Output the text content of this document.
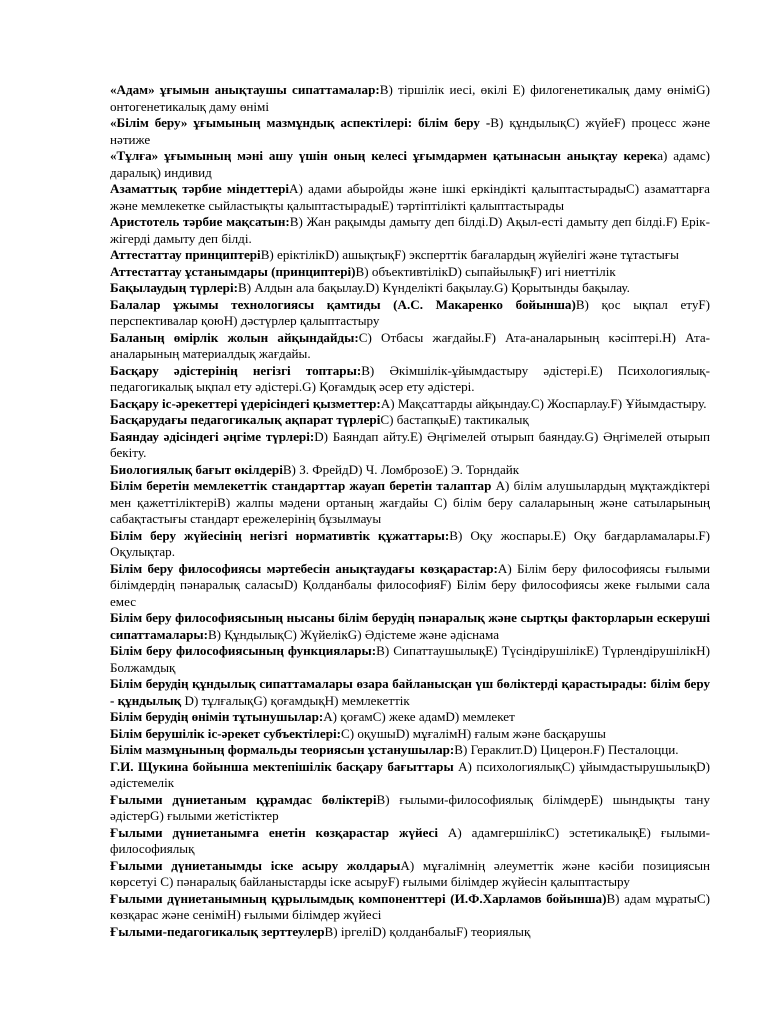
«Адам» ұғымын анықтаушы сипаттамалар:В) тіршілік иесі, өкілі Е) филогенетикалық даму өніміG) онтогенетикалық даму өнімі

«Білім беру» ұғымының мазмұндық аспектілері: білім беру -В) құндылықС) жүйеF) процесс және нәтиже

«Тұлға» ұғымының мәні ашу үшін оның келесі ұғымдармен қатынасын анықтау керека) адамс) даралық) индивид

Азаматтық тәрбие міндеттеріА) адами абыройды және ішкі еркіндікті қалыптастырадыС) азаматтарға және мемлекетке сыйластықты қалыптастырадыЕ) тәртіптілікті қалыптастырады

Аристотель тәрбие мақсатын:В) Жан рақымды дамыту деп білді.D) Ақыл-есті дамыту деп білді.F) Ерік-жігерді дамыту деп білді.

Аттестаттау принциптеріВ) еріктілікD) ашықтықF) эксперттік бағалардың жүйелігі және тұтастығы

Аттестаттау ұстанымдары (принциптері)В) объективтілікD) сыпайылықF) игі ниеттілік

Бақылаудың түрлері:В) Алдын ала бақылау.D) Күнделікті бақылау.G) Қорытынды бақылау.

Балалар ұжымы технологиясы қамтиды (А.С. Макаренко бойынша)В) қос ықпал етуF) перспективалар қоюН) дәстүрлер қалыптастыру

Баланың өмірлік жолын айқындайды:С) Отбасы жағдайы.F) Ата-аналарының кәсіптері.Н) Ата-аналарының материалдық жағдайы.

Басқару әдістерінің негізгі топтары:В) Әкімшілік-ұйымдастыру әдістері.Е) Психологиялық-педагогикалық ықпал ету әдістері.G) Қоғамдық әсер ету әдістері.

Басқару іс-әрекеттері үдерісіндегі қызметтер:А) Мақсаттарды айқындау.С) Жоспарлау.F) Ұйымдастыру.

Басқарудағы педагогикалық ақпарат түрлеріС) бастапқыЕ) тактикалық

Баяндау әдісіндегі әңгіме түрлері:D) Баяндап айту.Е) Әңгімелей отырып баяндау.G) Әңгімелей отырып бекіту.

Биологиялық бағыт өкілдеріВ) З. ФрейдD) Ч. ЛомброзоЕ) Э. Торндайк

Білім беретін мемлекеттік стандарттар жауап беретін талаптар А) білім алушылардың мұқтаждіктері мен қажеттіліктеріВ) жалпы мәдени ортаның жағдайы С) білім беру салаларының және сатыларының сабақтастығы стандарт ережелерінің бұзылмауы

Білім беру жүйесінің негізгі нормативтік құжаттары:В) Оқу жоспары.Е) Оқу бағдарламалары.F) Оқулықтар.

Білім беру философиясы мәртебесін анықтаудағы көзқарастар:А) Білім беру философиясы ғылыми білімдердің пәнаралық саласыD) Қолданбалы философияF) Білім беру философиясы жеке ғылыми сала емес

Білім беру философиясының нысаны білім берудің пәнаралық және сыртқы факторларын ескеруші сипаттамалары:В) ҚұндылықС) ЖүйелікG) Әдістеме және әдіснама

Білім беру философиясының функциялары:В) СипаттаушылықЕ) ТүсіндірушілікЕ) ТүрлендірушілікН) Болжамдық

Білім берудің құндылық сипаттамалары өзара байланысқан үш бөліктерді қарастырады: білім беру - құндылық D) тұлғалықG) қоғамдықН) мемлекеттік

Білім берудің өнімін тұтынушылар:А) қоғамС) жеке адамD) мемлекет

Білім берушілік іс-әрекет субъектілері:С) оқушыD) мұғалімН) ғалым және басқарушы

Білім мазмұнының формальды теориясын ұстанушылар:В) Гераклит.D) Цицерон.F) Песталоцци.

Г.И. Щукина бойынша мектепішілік басқару бағыттары А) психологиялықС) ұйымдастырушылықD) әдістемелік

Ғылыми дүниетаным құрамдас бөліктеріВ) ғылыми-философиялық білімдерЕ) шындықты тану әдістерG) ғылыми жетістіктер

Ғылыми дүниетанымға енетін көзқарастар жүйесі А) адамгершілікС) эстетикалықЕ) ғылыми-философиялық

Ғылыми дүниетанымды іске асыру жолдарыА) мұғалімнің әлеуметтік және кәсіби позициясын көрсетуі С) пәнаралық байланыстарды іске асыруF) ғылыми білімдер жүйесін қалыптастыру

Ғылыми дүниетанымның құрылымдық компоненттері (И.Ф.Харламов бойынша)В) адам мұратыС) көзқарас және сеніміН) ғылыми білімдер жүйесі

Ғылыми-педагогикалық зерттеулерВ) іргеліD) қолданбалыF) теориялық
